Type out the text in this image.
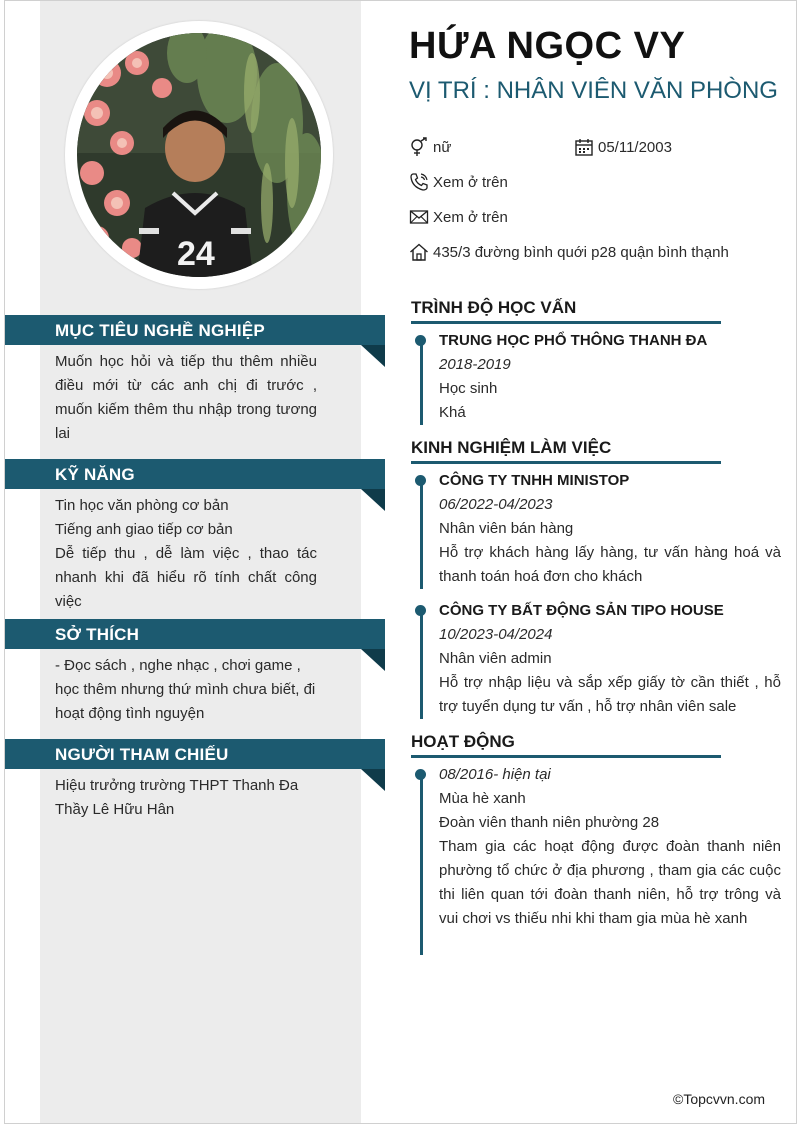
24
MỤC TIÊU NGHỀ NGHIỆP

Muốn học hỏi và tiếp thu thêm nhiều điều mới từ các anh chị đi trước , muốn kiếm thêm thu nhập trong tương lai

KỸ NĂNG

Tin học văn phòng cơ bản

Tiếng anh giao tiếp cơ bản

Dễ tiếp thu , dễ làm việc , thao tác nhanh khi đã hiểu rõ tính chất công việc

SỞ THÍCH

- Đọc sách , nghe nhạc , chơi game , học thêm nhưng thứ mình chưa biết, đi hoạt động tình nguyện

NGƯỜI THAM CHIẾU

Hiệu trưởng trường THPT Thanh Đa

Thầy Lê Hữu Hân

HỨA NGỌC VY
VỊ TRÍ : NHÂN VIÊN VĂN PHÒNG
nữ	05/11/2003
Xem ở trên
Xem ở trên
435/3 đường bình quới p28 quận bình thạnh
TRÌNH ĐỘ HỌC VẤN
TRUNG HỌC PHỔ THÔNG THANH ĐA
2018-2019
Học sinh
Khá
KINH NGHIỆM LÀM VIỆC
CÔNG TY TNHH MINISTOP
06/2022-04/2023
Nhân viên bán hàng
Hỗ trợ khách hàng lấy hàng, tư vấn hàng hoá và thanh toán hoá đơn cho khách
CÔNG TY BẤT ĐỘNG SẢN TIPO HOUSE
10/2023-04/2024
Nhân viên admin
Hỗ trợ nhập liệu và sắp xếp giấy tờ cần thiết , hỗ trợ tuyển dụng tư vấn , hỗ trợ nhân viên sale
HOẠT ĐỘNG
08/2016- hiện tại
Mùa hè xanh
Đoàn viên thanh niên phường 28
Tham gia các hoạt động được đoàn thanh niên phường tổ chức ở địa phương , tham gia các cuộc thi liên quan tới đoàn thanh niên, hỗ trợ trông và vui chơi vs thiếu nhi khi tham gia mùa hè xanh
©Topcvvn.com
